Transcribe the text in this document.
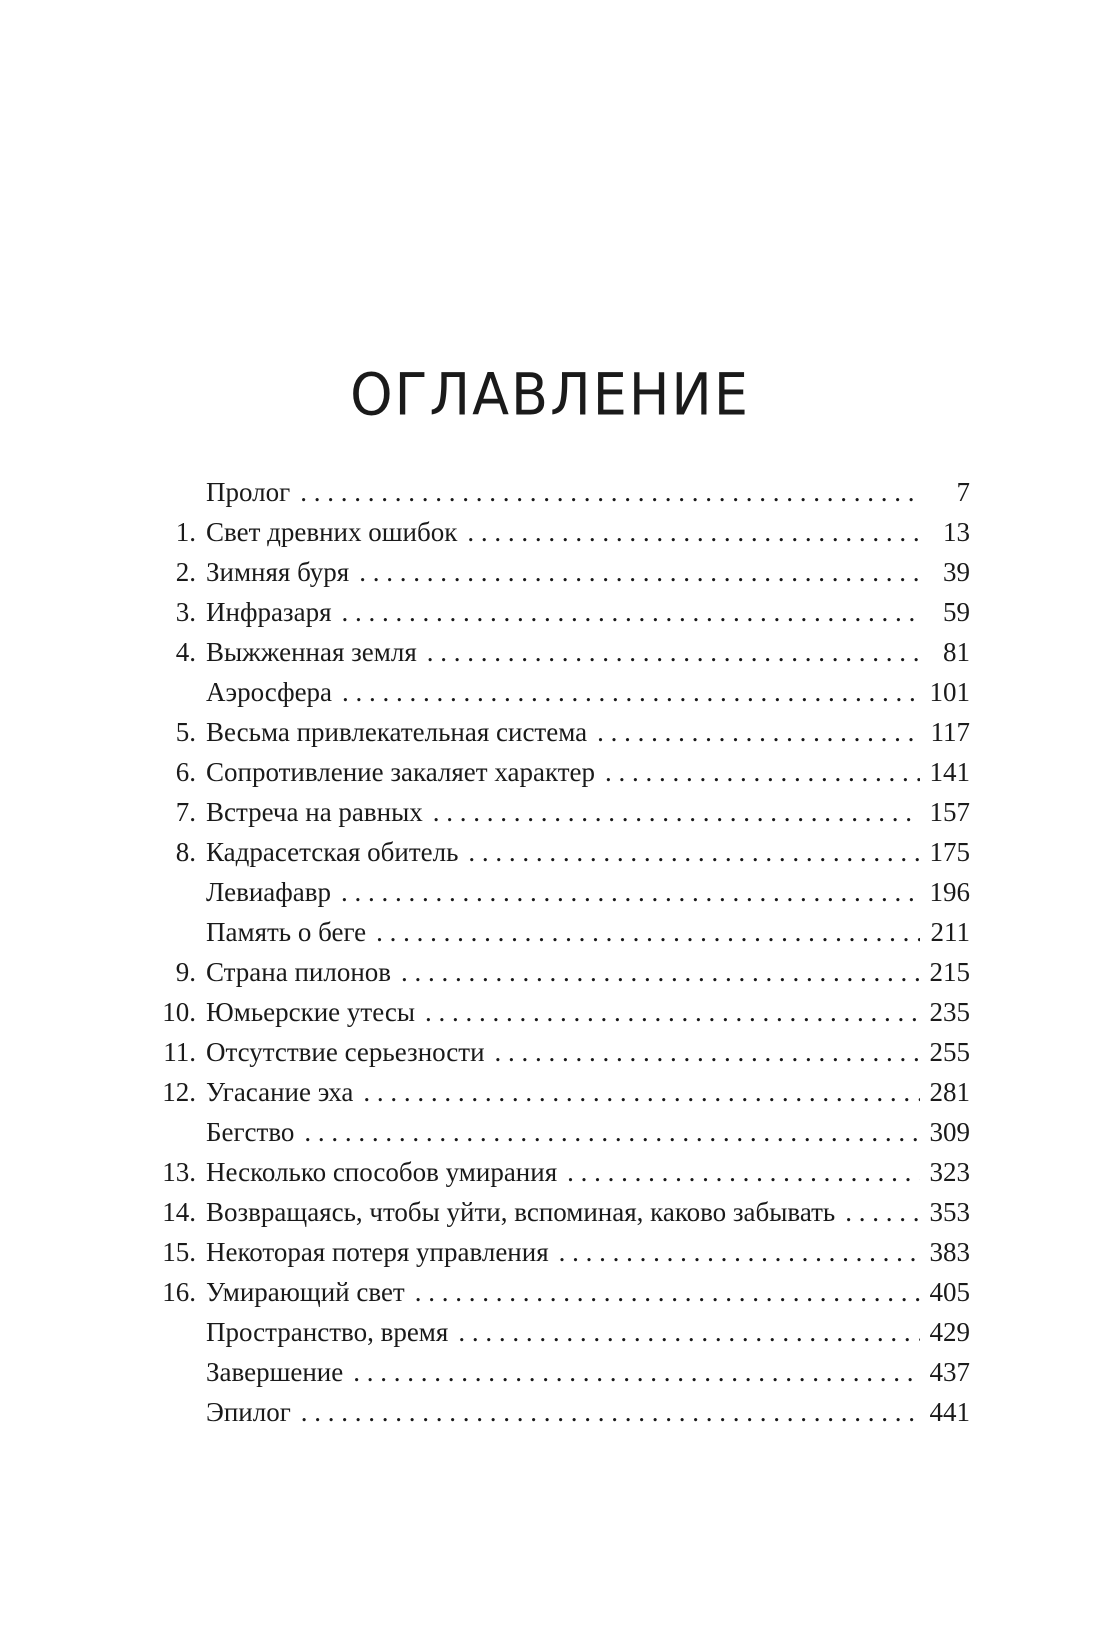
ОГЛАВЛЕНИЕ
Пролог . . .	7
1. Свет древних ошибок . . .	13
2. Зимняя буря . . .	39
3. Инфразаря . . .	59
4. Выжженная земля . . .	81
Аэросфера . . .	101
5. Весьма привлекательная система . . .	117
6. Сопротивление закаляет характер . . .	141
7. Встреча на равных . . .	157
8. Кадрасетская обитель . . .	175
Левиафавр . . .	196
Память о беге . . .	211
9. Страна пилонов . . .	215
10. Юмьерские утесы . . .	235
11. Отсутствие серьезности . . .	255
12. Угасание эха . . .	281
Бегство . . .	309
13. Несколько способов умирания . . .	323
14. Возвращаясь, чтобы уйти, вспоминая, каково забывать . . .	353
15. Некоторая потеря управления . . .	383
16. Умирающий свет . . .	405
Пространство, время . . .	429
Завершение . . .	437
Эпилог . . .	441
